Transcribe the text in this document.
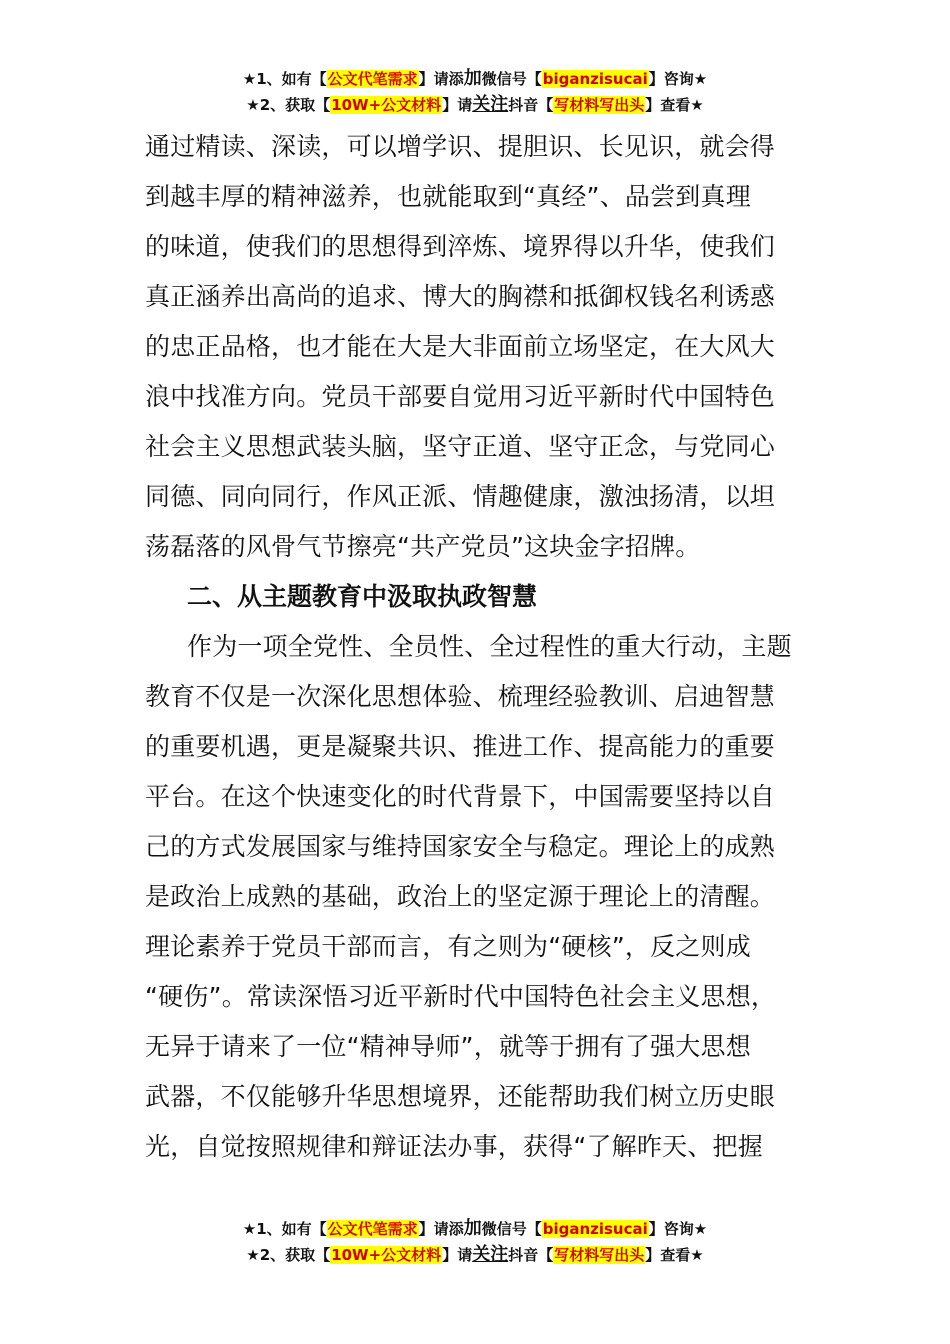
★1、如有【公文代笔需求】请添加微信号【biganzisucai】咨询★
★2、获取【10W+公文材料】请关注抖音【写材料写出头】查看★
通过精读、深读，可以增学识、提胆识、长见识，就会得
到越丰厚的精神滋养，也就能取到“真经”、品尝到真理
的味道，使我们的思想得到淬炼、境界得以升华，使我们
真正涵养出高尚的追求、博大的胸襟和抵御权钱名利诱惑
的忠正品格，也才能在大是大非面前立场坚定，在大风大
浪中找准方向。党员干部要自觉用习近平新时代中国特色
社会主义思想武装头脑，坚守正道、坚守正念，与党同心
同德、同向同行，作风正派、情趣健康，激浊扬清，以坦
荡磊落的风骨气节擦亮“共产党员”这块金字招牌。
二、从主题教育中汲取执政智慧
作为一项全党性、全员性、全过程性的重大行动，主题
教育不仅是一次深化思想体验、梳理经验教训、启迪智慧
的重要机遇，更是凝聚共识、推进工作、提高能力的重要
平台。在这个快速变化的时代背景下，中国需要坚持以自
己的方式发展国家与维持国家安全与稳定。理论上的成熟
是政治上成熟的基础，政治上的坚定源于理论上的清醒。
理论素养于党员干部而言，有之则为“硬核”，反之则成
“硬伤”。常读深悟习近平新时代中国特色社会主义思想，
无异于请来了一位“精神导师”，就等于拥有了强大思想
武器，不仅能够升华思想境界，还能帮助我们树立历史眼
光，自觉按照规律和辩证法办事，获得“了解昨天、把握
★1、如有【公文代笔需求】请添加微信号【biganzisucai】咨询★
★2、获取【10W+公文材料】请关注抖音【写材料写出头】查看★
